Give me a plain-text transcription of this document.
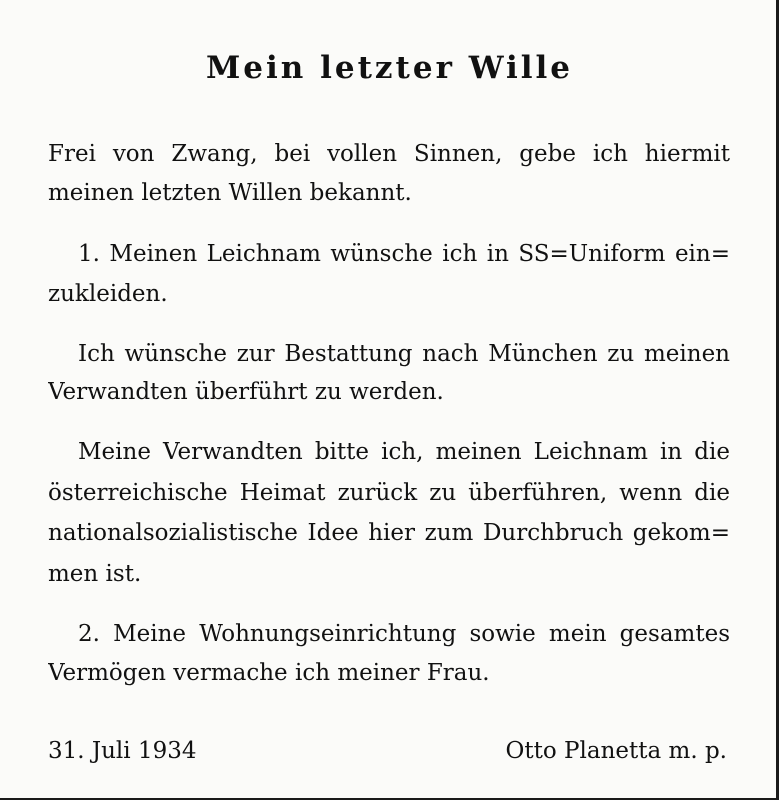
Mein letzter Wille
Frei von Zwang, bei vollen Sinnen, gebe ich hiermit
meinen letzten Willen bekannt.
1. Meinen Leichnam wünsche ich in SS=Uniform ein=
zukleiden.
Ich wünsche zur Bestattung nach München zu meinen
Verwandten überführt zu werden.
Meine Verwandten bitte ich, meinen Leichnam in die
österreichische Heimat zurück zu überführen, wenn die
nationalsozialistische Idee hier zum Durchbruch gekom=
men ist.
2. Meine Wohnungseinrichtung sowie mein gesamtes
Vermögen vermache ich meiner Frau.
31. Juli 1934	Otto Planetta m. p.
